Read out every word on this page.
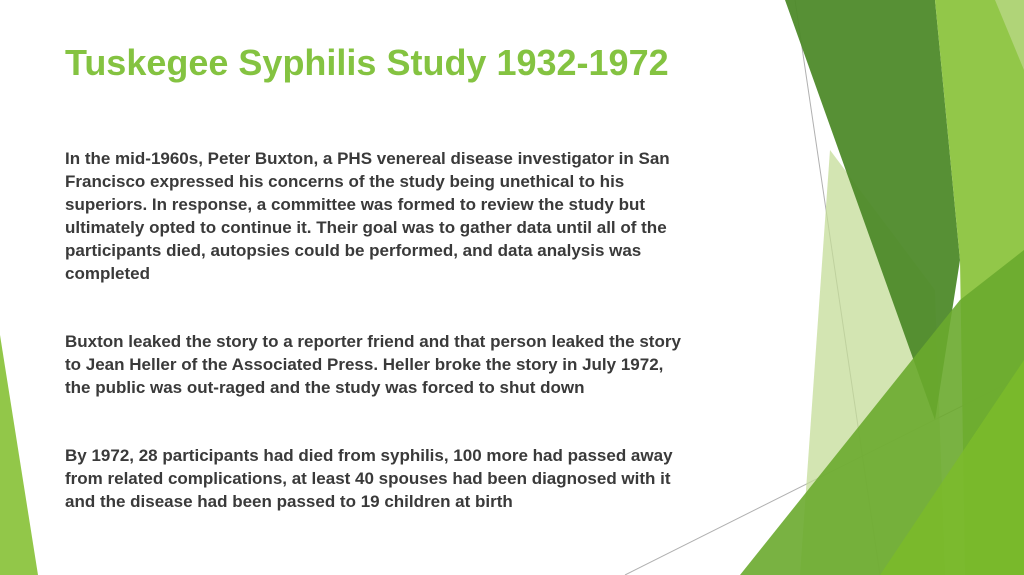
Tuskegee Syphilis Study 1932-1972

In the mid-1960s, Peter Buxton, a PHS venereal disease investigator in San
Francisco expressed his concerns of the study being unethical to his
superiors. In response, a committee was formed to review the study but
ultimately opted to continue it. Their goal was to gather data until all of the
participants died, autopsies could be performed, and data analysis was
completed

Buxton leaked the story to a reporter friend and that person leaked the story
to Jean Heller of the Associated Press. Heller broke the story in July 1972,
the public was out-raged and the study was forced to shut down

By 1972, 28 participants had died from syphilis, 100 more had passed away
from related complications, at least 40 spouses had been diagnosed with it
and the disease had been passed to 19 children at birth
